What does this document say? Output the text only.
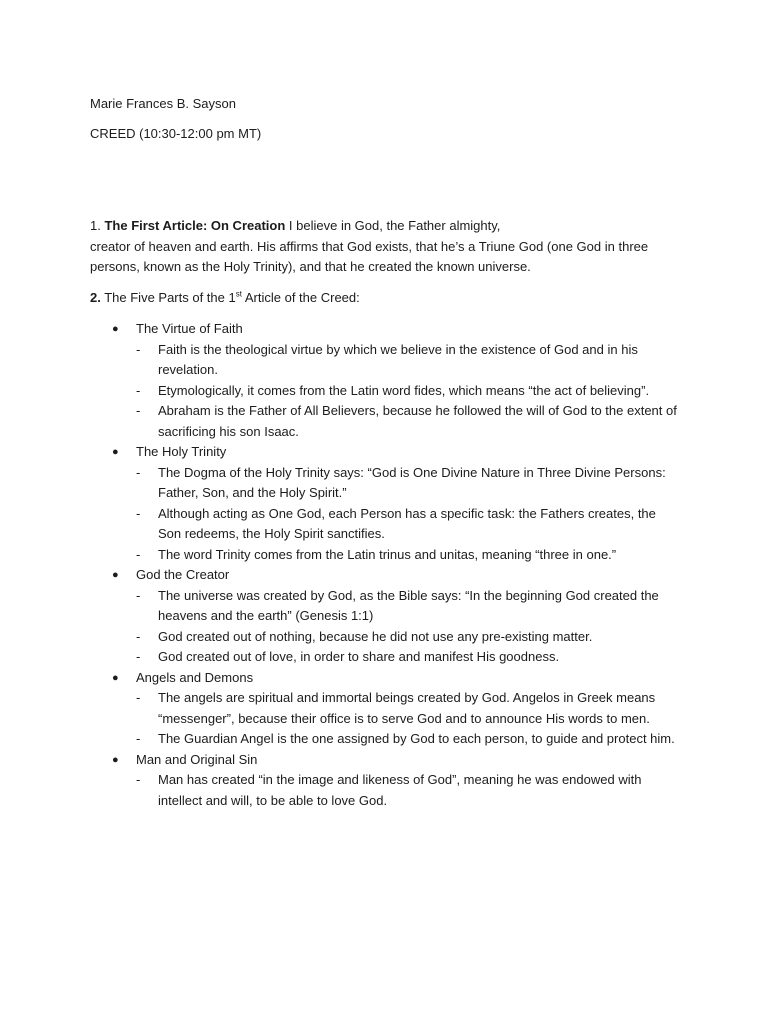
Marie Frances B. Sayson
CREED (10:30-12:00 pm MT)
1. The First Article: On Creation I believe in God, the Father almighty,
creator of heaven and earth. His affirms that God exists, that he’s a Triune God (one God in three persons, known as the Holy Trinity), and that he created the known universe.
2. The Five Parts of the 1st Article of the Creed:
● The Virtue of Faith
- Faith is the theological virtue by which we believe in the existence of God and in his revelation.
- Etymologically, it comes from the Latin word fides, which means “the act of believing”.
- Abraham is the Father of All Believers, because he followed the will of God to the extent of sacrificing his son Isaac.
● The Holy Trinity
- The Dogma of the Holy Trinity says: “God is One Divine Nature in Three Divine Persons: Father, Son, and the Holy Spirit.”
- Although acting as One God, each Person has a specific task: the Fathers creates, the Son redeems, the Holy Spirit sanctifies.
- The word Trinity comes from the Latin trinus and unitas, meaning “three in one.”
● God the Creator
- The universe was created by God, as the Bible says: “In the beginning God created the heavens and the earth” (Genesis 1:1)
- God created out of nothing, because he did not use any pre-existing matter.
- God created out of love, in order to share and manifest His goodness.
● Angels and Demons
- The angels are spiritual and immortal beings created by God. Angelos in Greek means “messenger”, because their office is to serve God and to announce His words to men.
- The Guardian Angel is the one assigned by God to each person, to guide and protect him.
● Man and Original Sin
- Man has created “in the image and likeness of God”, meaning he was endowed with intellect and will, to be able to love God.
